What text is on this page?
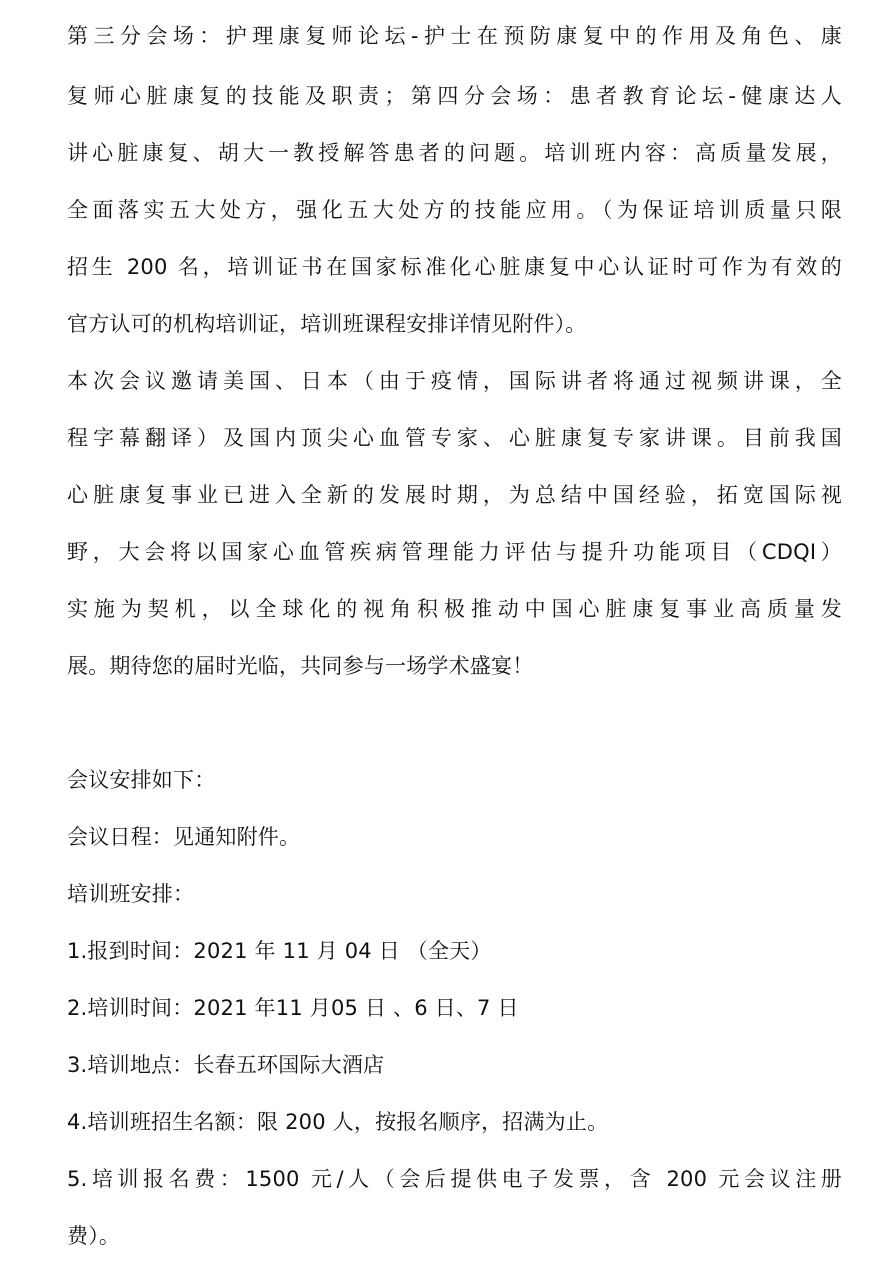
第三分会场：护理康复师论坛-护士在预防康复中的作用及角色、康
复师心脏康复的技能及职责；第四分会场：患者教育论坛-健康达人
讲心脏康复、胡大一教授解答患者的问题。培训班内容：高质量发展，
全面落实五大处方，强化五大处方的技能应用。（为保证培训质量只限
招生 200 名，培训证书在国家标准化心脏康复中心认证时可作为有效的
官方认可的机构培训证，培训班课程安排详情见附件）。
本次会议邀请美国、日本（由于疫情，国际讲者将通过视频讲课，全
程字幕翻译）及国内顶尖心血管专家、心脏康复专家讲课。目前我国
心脏康复事业已进入全新的发展时期，为总结中国经验，拓宽国际视
野，大会将以国家心血管疾病管理能力评估与提升功能项目（CDQI）
实施为契机，以全球化的视角积极推动中国心脏康复事业高质量发
展。期待您的届时光临，共同参与一场学术盛宴！
会议安排如下：
会议日程：见通知附件。
培训班安排：
1.报到时间：2021 年 11 月 04 日 （全天）
2.培训时间：2021 年11 月05 日 、6 日、7 日
3.培训地点：长春五环国际大酒店
4.培训班招生名额：限 200 人，按报名顺序，招满为止。
5.培训报名费：1500 元/人（会后提供电子发票，含 200 元会议注册
费）。
